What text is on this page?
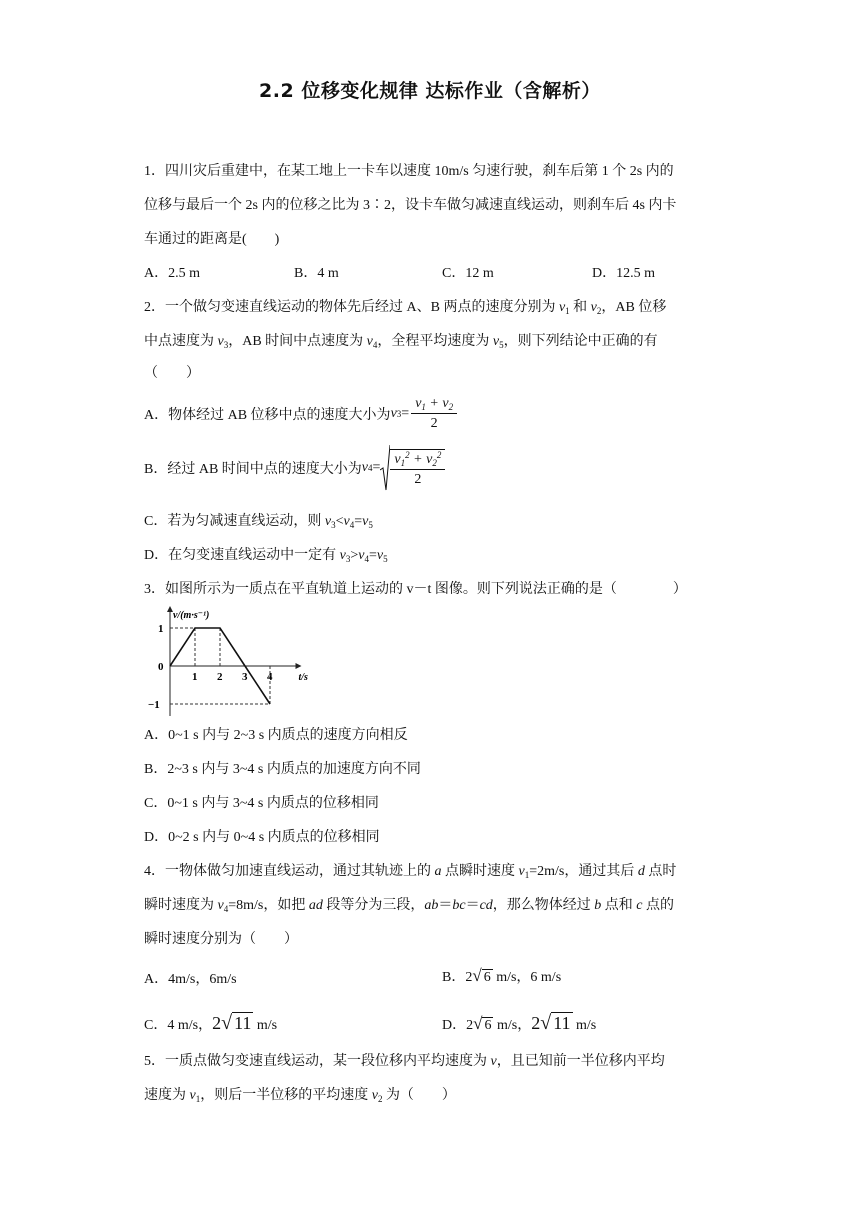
2.2 位移变化规律 达标作业（含解析）
1．四川灾后重建中，在某工地上一卡车以速度 10m/s 匀速行驶，刹车后第 1 个 2s 内的
位移与最后一个 2s 内的位移之比为 3∶2，设卡车做匀减速直线运动，则刹车后 4s 内卡
车通过的距离是(　　)
A．2.5 m	B．4 m	C．12 m	D．12.5 m
2．一个做匀变速直线运动的物体先后经过 A、B 两点的速度分别为 $v_1$ 和 $v_2$，AB 位移
中点速度为 $v_3$，AB 时间中点速度为 $v_4$，全程平均速度为 $v_5$，则下列结论中正确的有
（　　）
A．物体经过 AB 位移中点的速度大小为 v $3 = \frac{v_1 + v_2}{2}$
B．经过 AB 时间中点的速度大小为 v $4 = \frac{v_1^2 + v_2^2}{2}$
C．若为匀减速直线运动，则 $v_3<v_4=v_5$
D．在匀变速直线运动中一定有 $v_3>v_4=v_5$
3．如图所示为一质点在平直轨道上运动的 v－t 图像。则下列说法正确的是（　　　　）
v/(m·s⁻¹)
t/s
1 2 3 4
1
0
−1
A．0~1 s 内与 2~3 s 内质点的速度方向相反
B．2~3 s 内与 3~4 s 内质点的加速度方向不同
C．0~1 s 内与 3~4 s 内质点的位移相同
D．0~2 s 内与 0~4 s 内质点的位移相同
4．一物体做匀加速直线运动，通过其轨迹上的 a 点瞬时速度 $v_1=2m/s$，通过其后 d 点时
瞬时速度为 $v_4=8m/s$，如把 ad 段等分为三段，ab＝bc＝cd，那么物体经过 b 点和 c 点的
瞬时速度分别为（　　）
A．4m/s，6m/s	B．2√ 6 m/s，6 m/s
C．4 m/s，2√ 11 m/s	D．2√ 6 m/s，2√ 11 m/s
5．一质点做匀变速直线运动，某一段位移内平均速度为 v，且已知前一半位移内平均
速度为 $v_1$，则后一半位移的平均速度 $v_2$ 为（　　）
